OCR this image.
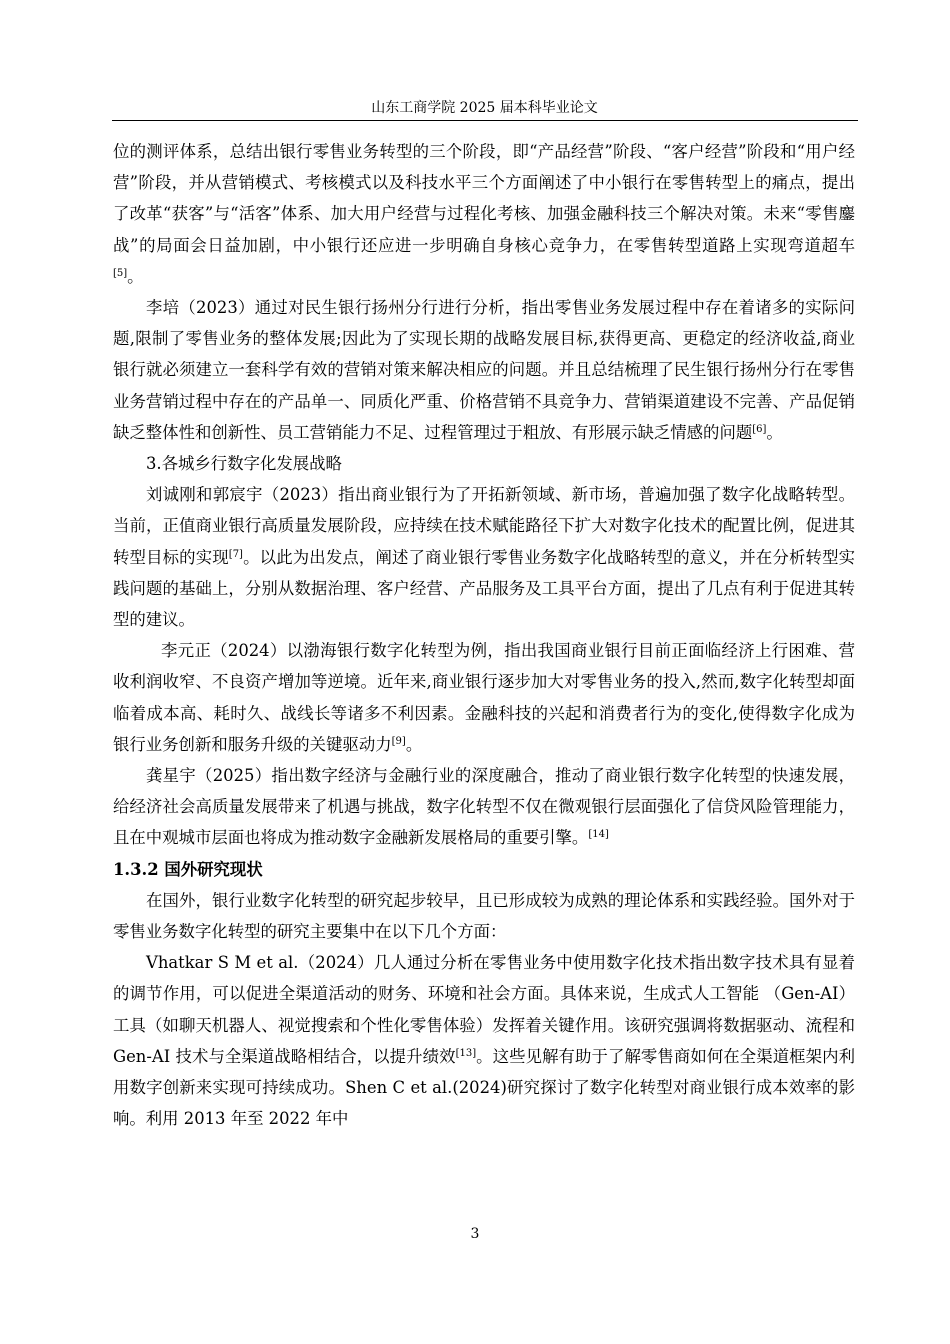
山东工商学院 2025 届本科毕业论文

位的测评体系，总结出银行零售业务转型的三个阶段，即“产品经营”阶段、“客户经营”阶段和“用户经营”阶段，并从营销模式、考核模式以及科技水平三个方面阐述了中小银行在零售转型上的痛点，提出了改革“获客”与“活客”体系、加大用户经营与过程化考核、加强金融科技三个解决对策。未来“零售鏖战”的局面会日益加剧，中小银行还应进一步明确自身核心竞争力，在零售转型道路上实现弯道超车[5]。

李培（2023）通过对民生银行扬州分行进行分析，指出零售业务发展过程中存在着诸多的实际问题,限制了零售业务的整体发展;因此为了实现长期的战略发展目标,获得更高、更稳定的经济收益,商业银行就必须建立一套科学有效的营销对策来解决相应的问题。并且总结梳理了民生银行扬州分行在零售业务营销过程中存在的产品单一、同质化严重、价格营销不具竞争力、营销渠道建设不完善、产品促销缺乏整体性和创新性、员工营销能力不足、过程管理过于粗放、有形展示缺乏情感的问题[6]。

3.各城乡行数字化发展战略

刘诚刚和郭宸宇（2023）指出商业银行为了开拓新领域、新市场，普遍加强了数字化战略转型。当前，正值商业银行高质量发展阶段，应持续在技术赋能路径下扩大对数字化技术的配置比例，促进其转型目标的实现[7]。以此为出发点，阐述了商业银行零售业务数字化战略转型的意义，并在分析转型实践问题的基础上，分别从数据治理、客户经营、产品服务及工具平台方面，提出了几点有利于促进其转型的建议。

李元正（2024）以渤海银行数字化转型为例，指出我国商业银行目前正面临经济上行困难、营收利润收窄、不良资产增加等逆境。近年来,商业银行逐步加大对零售业务的投入,然而,数字化转型却面临着成本高、耗时久、战线长等诸多不利因素。金融科技的兴起和消费者行为的变化,使得数字化成为银行业务创新和服务升级的关键驱动力[9]。

龚星宇（2025）指出数字经济与金融行业的深度融合，推动了商业银行数字化转型的快速发展，给经济社会高质量发展带来了机遇与挑战，数字化转型不仅在微观银行层面强化了信贷风险管理能力，且在中观城市层面也将成为推动数字金融新发展格局的重要引擎。[14]

1.3.2 国外研究现状

在国外，银行业数字化转型的研究起步较早，且已形成较为成熟的理论体系和实践经验。国外对于零售业务数字化转型的研究主要集中在以下几个方面：

Vhatkar S M et al.（2024）几人通过分析在零售业务中使用数字化技术指出数字技术具有显着的调节作用，可以促进全渠道活动的财务、环境和社会方面。具体来说，生成式人工智能 （Gen-AI） 工具（如聊天机器人、视觉搜索和个性化零售体验）发挥着关键作用。该研究强调将数据驱动、流程和 Gen-AI 技术与全渠道战略相结合，以提升绩效[13]。这些见解有助于了解零售商如何在全渠道框架内利用数字创新来实现可持续成功。Shen C et al.(2024)研究探讨了数字化转型对商业银行成本效率的影响。利用 2013 年至 2022 年中

3
